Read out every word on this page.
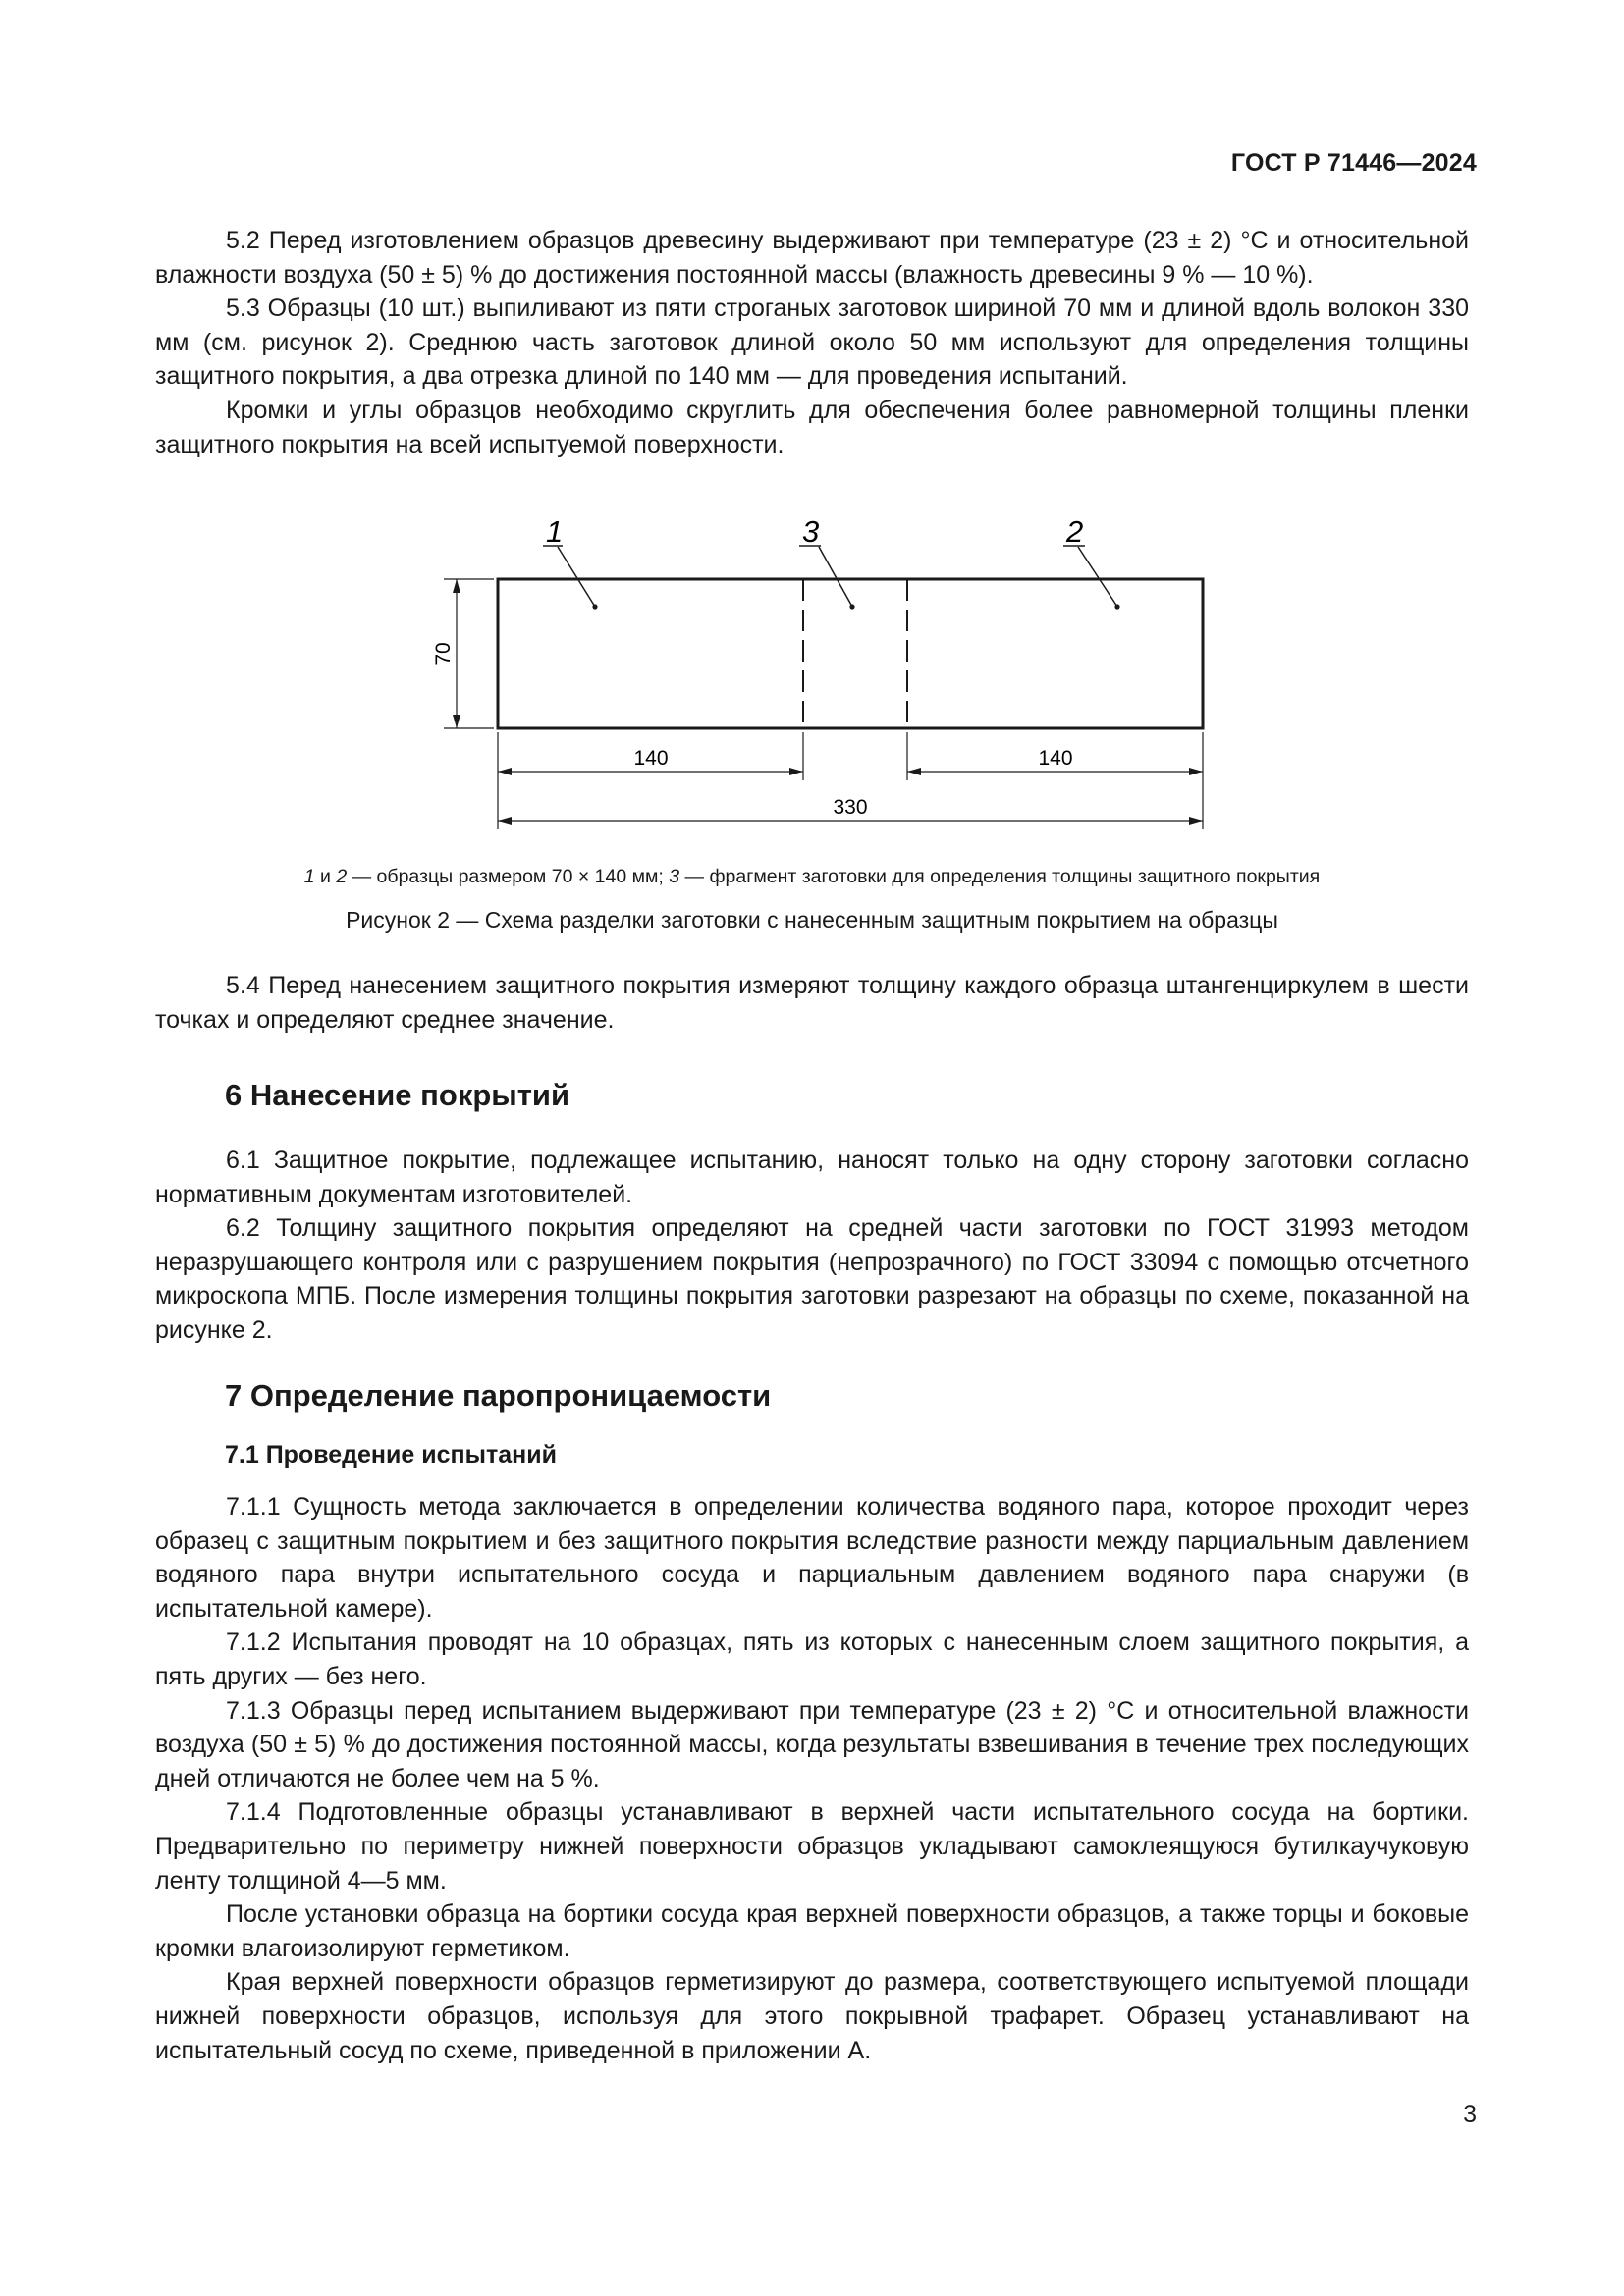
ГОСТ Р 71446—2024

5.2 Перед изготовлением образцов древесину выдерживают при температуре (23 ± 2) °С и относительной влажности воздуха (50 ± 5) % до достижения постоянной массы (влажность древесины 9 % — 10 %).

5.3 Образцы (10 шт.) выпиливают из пяти строганых заготовок шириной 70 мм и длиной вдоль волокон 330 мм (см. рисунок 2). Среднюю часть заготовок длиной около 50 мм используют для определения толщины защитного покрытия, а два отрезка длиной по 140 мм — для проведения испытаний.

Кромки и углы образцов необходимо скруглить для обеспечения более равномерной толщины пленки защитного покрытия на всей испытуемой поверхности.

1	3	2
70
140	140
330
1 и 2 — образцы размером 70 × 140 мм; 3 — фрагмент заготовки для определения толщины защитного покрытия
Рисунок 2 — Схема разделки заготовки с нанесенным защитным покрытием на образцы

5.4 Перед нанесением защитного покрытия измеряют толщину каждого образца штангенциркулем в шести точках и определяют среднее значение.

6 Нанесение покрытий

6.1 Защитное покрытие, подлежащее испытанию, наносят только на одну сторону заготовки согласно нормативным документам изготовителей.

6.2 Толщину защитного покрытия определяют на средней части заготовки по ГОСТ 31993 методом неразрушающего контроля или с разрушением покрытия (непрозрачного) по ГОСТ 33094 с помощью отсчетного микроскопа МПБ. После измерения толщины покрытия заготовки разрезают на образцы по схеме, показанной на рисунке 2.

7 Определение паропроницаемости
7.1 Проведение испытаний

7.1.1 Сущность метода заключается в определении количества водяного пара, которое проходит через образец с защитным покрытием и без защитного покрытия вследствие разности между парциальным давлением водяного пара внутри испытательного сосуда и парциальным давлением водяного пара снаружи (в испытательной камере).

7.1.2 Испытания проводят на 10 образцах, пять из которых с нанесенным слоем защитного покрытия, а пять других — без него.

7.1.3 Образцы перед испытанием выдерживают при температуре (23 ± 2) °С и относительной влажности воздуха (50 ± 5) % до достижения постоянной массы, когда результаты взвешивания в течение трех последующих дней отличаются не более чем на 5 %.

7.1.4 Подготовленные образцы устанавливают в верхней части испытательного сосуда на бортики. Предварительно по периметру нижней поверхности образцов укладывают самоклеящуюся бутилкаучуковую ленту толщиной 4—5 мм.

После установки образца на бортики сосуда края верхней поверхности образцов, а также торцы и боковые кромки влагоизолируют герметиком.

Края верхней поверхности образцов герметизируют до размера, соответствующего испытуемой площади нижней поверхности образцов, используя для этого покрывной трафарет. Образец устанавливают на испытательный сосуд по схеме, приведенной в приложении А.

3
